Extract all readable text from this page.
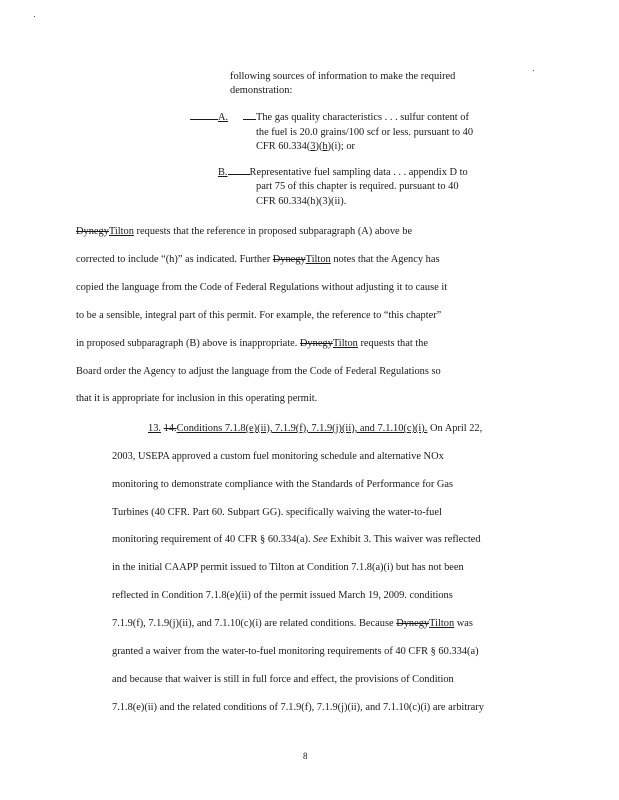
following sources of information to make the required
demonstration:
A.	The gas quality characteristics . . . sulfur content of
the fuel is 20.0 grains/100 scf or less. pursuant to 40
CFR 60.334(3)(h)(i); or
B. Representative fuel sampling data . . . appendix D to
part 75 of this chapter is required. pursuant to 40
CFR 60.334(h)(3)(ii).
DynegyTilton requests that the reference in proposed subparagraph (A) above be
corrected to include “(h)” as indicated. Further DynegyTilton notes that the Agency has
copied the language from the Code of Federal Regulations without adjusting it to cause it
to be a sensible, integral part of this permit. For example, the reference to “this chapter”
in proposed subparagraph (B) above is inappropriate. DynegyTilton requests that the
Board order the Agency to adjust the language from the Code of Federal Regulations so
that it is appropriate for inclusion in this operating permit.
13. 14.Conditions 7.1.8(e)(ii), 7.1.9(f), 7.1.9(j)(ii), and 7.1.10(c)(i). On April 22,
2003, USEPA approved a custom fuel monitoring schedule and alternative NOx
monitoring to demonstrate compliance with the Standards of Performance for Gas
Turbines (40 CFR. Part 60. Subpart GG). specifically waiving the water-to-fuel
monitoring requirement of 40 CFR § 60.334(a). See Exhibit 3. This waiver was reflected
in the initial CAAPP permit issued to Tilton at Condition 7.1.8(a)(i) but has not been
reflected in Condition 7.1.8(e)(ii) of the permit issued March 19, 2009. conditions
7.1.9(f), 7.1.9(j)(ii), and 7.1.10(c)(i) are related conditions. Because DynegyTilton was
granted a waiver from the water-to-fuel monitoring requirements of 40 CFR § 60.334(a)
and because that waiver is still in full force and effect, the provisions of Condition
7.1.8(e)(ii) and the related conditions of 7.1.9(f), 7.1.9(j)(ii), and 7.1.10(c)(i) are arbitrary
8
